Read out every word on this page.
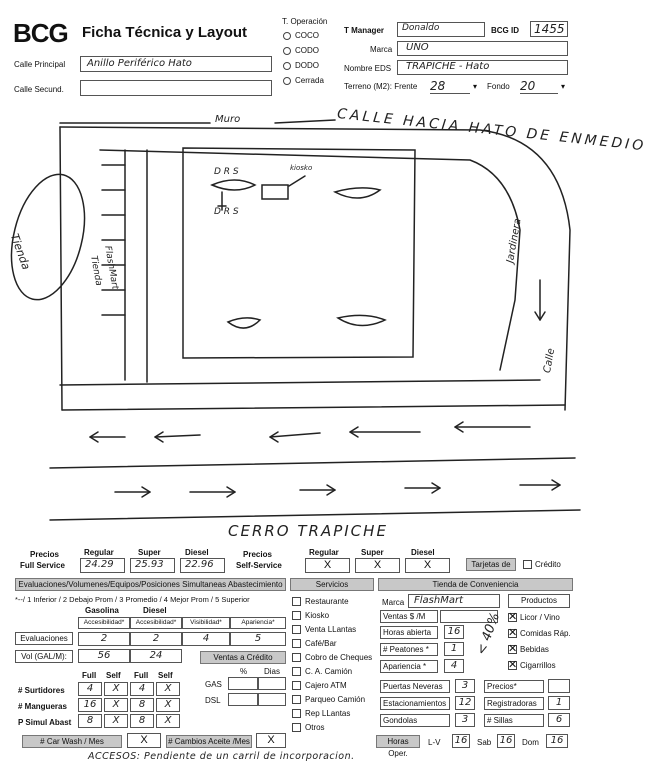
BCG Ficha Técnica y Layout
Calle Principal Anillo Periférico Hato
Calle Secund.
T. Operación
COCO
CODO
DODO
Cerrada
T Manager Donaldo	BCG ID 1455
Marca UNO
Nombre EDS TRAPICHE - Hato
Terreno (M2): Frente 28	▾ Fondo 20	▾
Muro	CALLE HACIA HATO DE ENMEDIO
D R S
D R S
kiosko
Tienda	FlashMart
Tienda
Jardinera
Calle
CERRO TRAPICHE
Precios
Full Service
Regular	Super	Diesel
24.29 25.93 22.96
Precios
Self-Service
Regular	Super	Diesel
X	X	X	Tarjetas de	Crédito
Evaluaciones/Volumenes/Equipos/Posiciones Simultaneas Abastecimiento
*--/ 1 Inferior / 2 Debajo Prom / 3 Promedio / 4 Mejor Prom / 5 Superior
Gasolina	Diesel
Accesibilidad*	Accesibilidad*	Visibilidad*	Apariencia*
Evaluaciones	2	2	4	5
Vol (GAL/M):	56	24	Ventas a Crédito
% Dias
GAS
DSL
Full Self Full Self
# Surtidores	4	X	4	X
# Mangueras	16	X	8	X
P Simul Abast	8	X	8	X
# Car Wash / Mes	X	# Cambios Aceite /Mes	X
Servicios
Restaurante
Kiosko
Venta LLantas
Café/Bar
Cobro de Cheques
C. A. Camión
Cajero ATM
Parqueo Camión
Rep LLantas
Otros
Tienda de Conveniencia
Marca FlashMart	Productos
Ventas $ /M
Horas abierta	16
# Peatones *	1
Apariencia *	4
< 40% Licor / Vino
Comidas Ráp.
Bebidas
Cigarrillos
✕
✕
✕
✕
Puertas Neveras	3	Precios*
Estacionamientos	12	Registradoras	1
Gondolas	3	# Sillas	6
Horas Oper.
L-V 16	Sab 16	Dom	16
ACCESOS: Pendiente de un carril de incorporacion.
